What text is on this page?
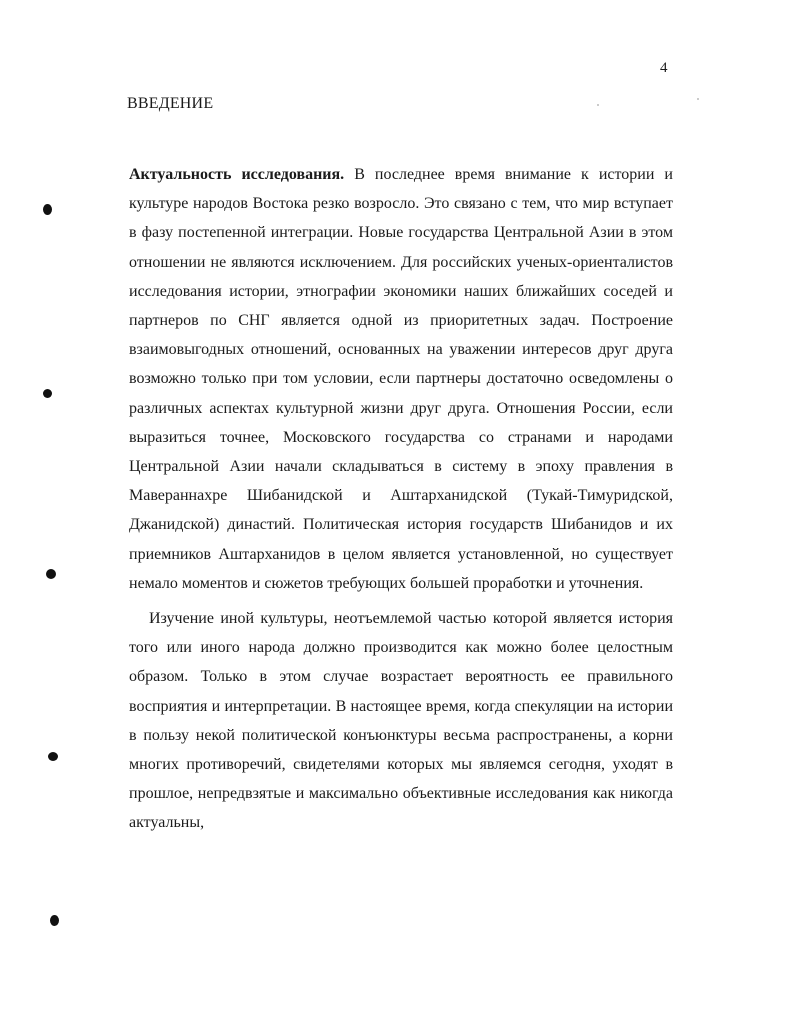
4
ВВЕДЕНИЕ

Актуальность исследования. В последнее время внимание к истории и культуре народов Востока резко возросло. Это связано с тем, что мир вступает в фазу постепенной интеграции. Новые государства Центральной Азии в этом отношении не являются исключением. Для российских ученых-ориенталистов исследования истории, этнографии экономики наших ближайших соседей и партнеров по СНГ является одной из приоритетных задач. Построение взаимовыгодных отношений, основанных на уважении интересов друг друга возможно только при том условии, если партнеры достаточно осведомлены о различных аспектах культурной жизни друг друга. Отношения России, если выразиться точнее, Московского государства со странами и народами Центральной Азии начали складываться в систему в эпоху правления в Мавераннахре Шибанидской и Аштарханидской (Тукай-Тимуридской, Джанидской) династий. Политическая история государств Шибанидов и их приемников Аштарханидов в целом является установленной, но существует немало моментов и сюжетов требующих большей проработки и уточнения.

Изучение иной культуры, неотъемлемой частью которой является история того или иного народа должно производится как можно более целостным образом. Только в этом случае возрастает вероятность ее правильного восприятия и интерпретации. В настоящее время, когда спекуляции на истории в пользу некой политической конъюнктуры весьма распространены, а корни многих противоречий, свидетелями которых мы являемся сегодня, уходят в прошлое, непредвзятые и максимально объективные исследования как никогда актуальны,
